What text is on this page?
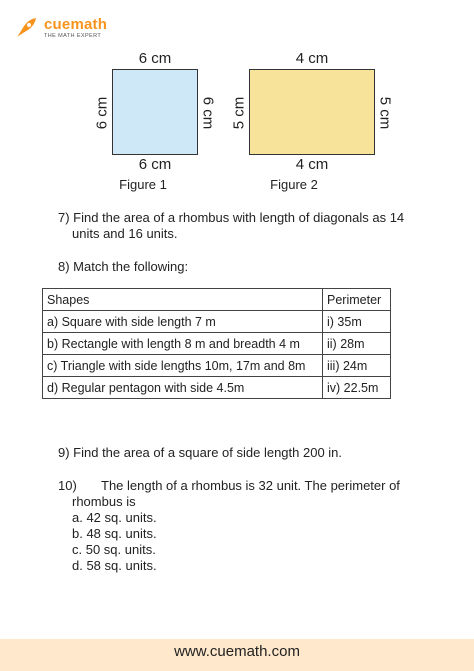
cuemath
THE MATH EXPERT
6 cm
6 cm
6 cm	6 cm
Figure 1
4 cm
4 cm
5 cm	5 cm
Figure 2
7) Find the area of a rhombus with length of diagonals as 14
units and 16 units.
8) Match the following:
Shapes	Perimeter
a) Square with side length 7 m	i) 35m
b) Rectangle with length 8 m and breadth 4 m	ii) 28m
c) Triangle with side lengths 10m, 17m and 8m	iii) 24m
d) Regular pentagon with side 4.5m	iv) 22.5m
9) Find the area of a square of side length 200 in.
10) The length of a rhombus is 32 unit. The perimeter of
rhombus is
a. 42 sq. units.
b. 48 sq. units.
c. 50 sq. units.
d. 58 sq. units.
www.cuemath.com
